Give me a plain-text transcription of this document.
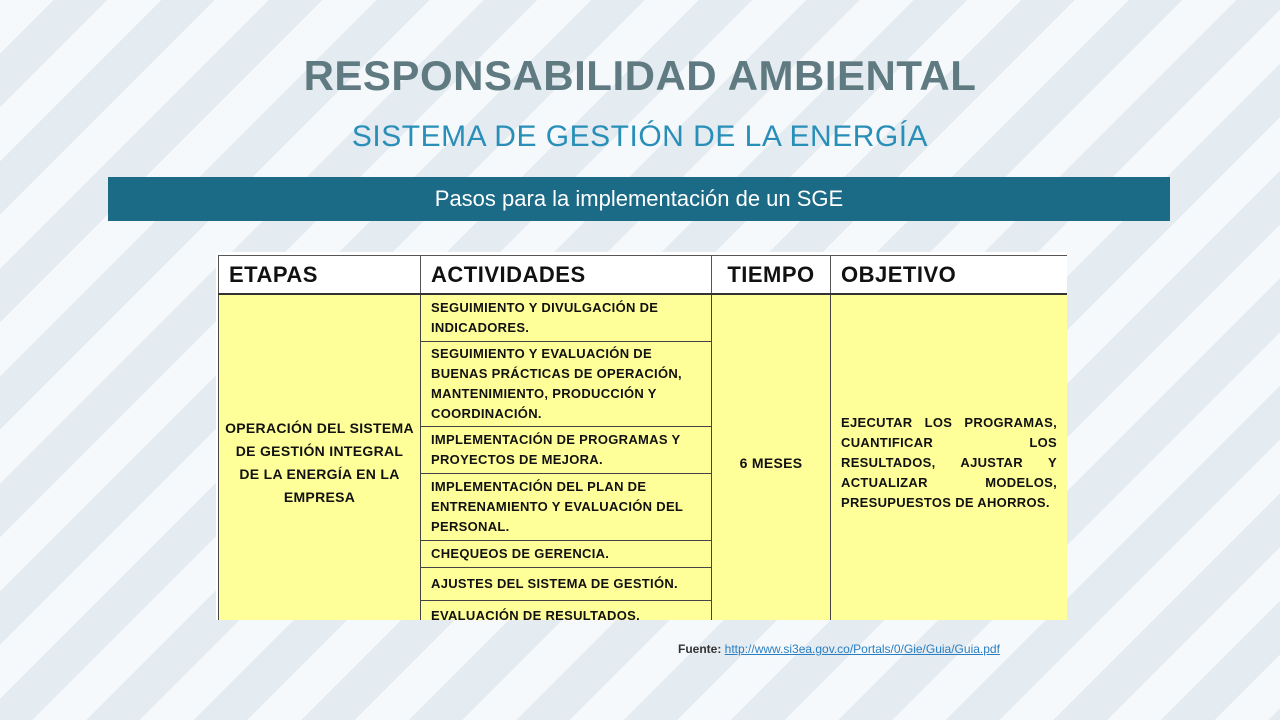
RESPONSABILIDAD AMBIENTAL
SISTEMA DE GESTIÓN DE LA ENERGÍA
Pasos para la implementación de un SGE
ETAPAS	ACTIVIDADES	TIEMPO	OBJETIVO
OPERACIÓN DEL SISTEMA DE GESTIÓN INTEGRAL DE LA ENERGÍA EN LA EMPRESA	SEGUIMIENTO Y DIVULGACIÓN DE INDICADORES.	6 MESES	EJECUTAR LOS PROGRAMAS, CUANTIFICAR LOS RESULTADOS, AJUSTAR Y ACTUALIZAR MODELOS, PRESUPUESTOS DE AHORROS.
	SEGUIMIENTO Y EVALUACIÓN DE BUENAS PRÁCTICAS DE OPERACIÓN, MANTENIMIENTO, PRODUCCIÓN Y COORDINACIÓN.		
	IMPLEMENTACIÓN DE PROGRAMAS Y PROYECTOS DE MEJORA.		
	IMPLEMENTACIÓN DEL PLAN DE ENTRENAMIENTO Y EVALUACIÓN DEL PERSONAL.		
	CHEQUEOS DE GERENCIA.		
	AJUSTES DEL SISTEMA DE GESTIÓN.		
	EVALUACIÓN DE RESULTADOS.		
Fuente: http://www.si3ea.gov.co/Portals/0/Gie/Guia/Guia.pdf
